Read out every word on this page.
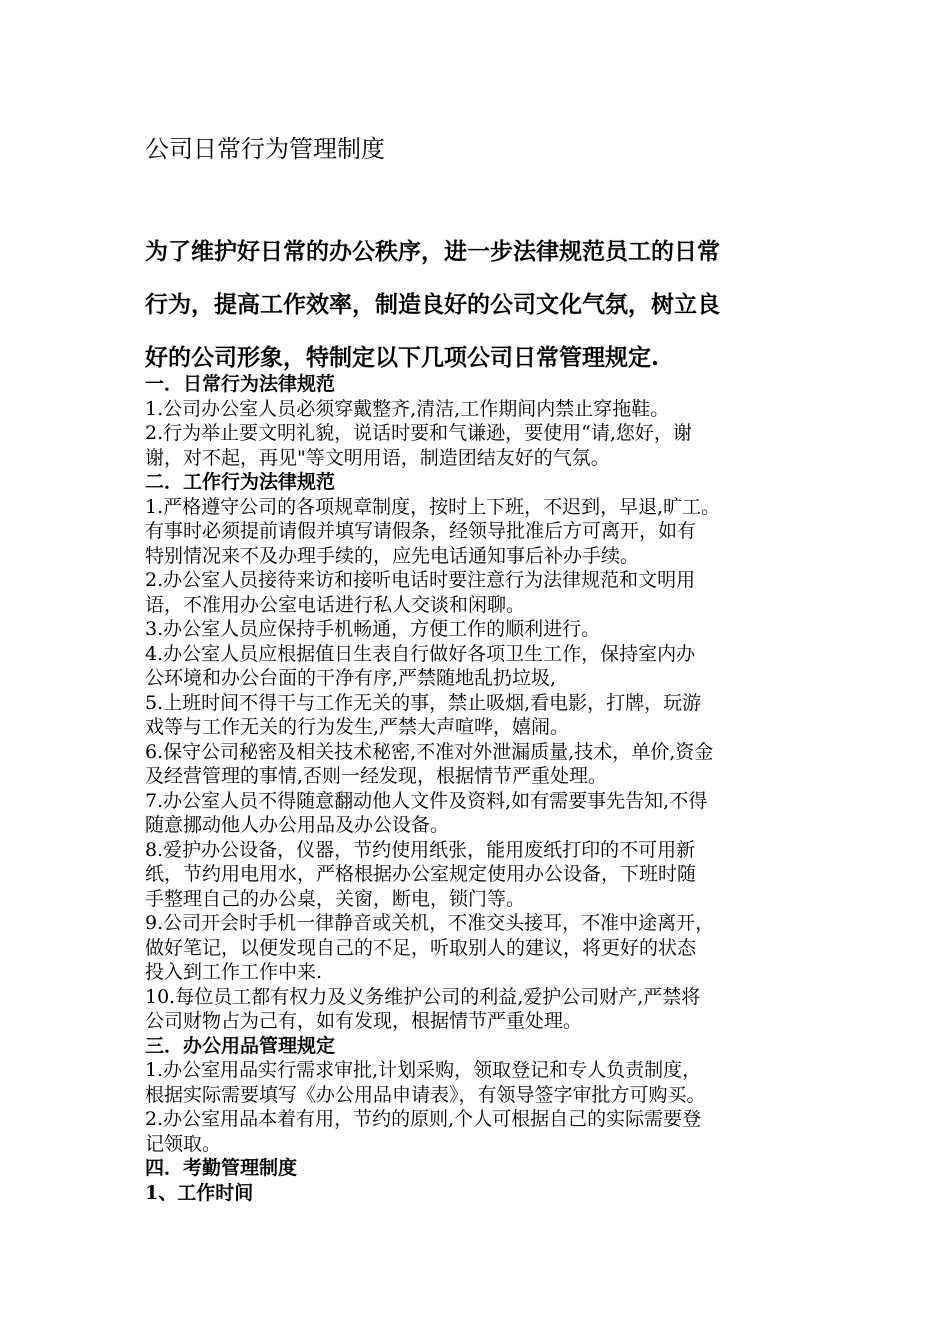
公司日常行为管理制度
为了维护好日常的办公秩序，进一步法律规范员工的日常
行为，提高工作效率，制造良好的公司文化气氛，树立良
好的公司形象，特制定以下几项公司日常管理规定.
一．日常行为法律规范
1.公司办公室人员必须穿戴整齐,清洁,工作期间内禁止穿拖鞋。
2.行为举止要文明礼貌，说话时要和气谦逊，要使用“请,您好，谢
谢，对不起，再见"等文明用语，制造团结友好的气氛。
二．工作行为法律规范
1.严格遵守公司的各项规章制度，按时上下班，不迟到，早退,旷工。
有事时必须提前请假并填写请假条，经领导批准后方可离开，如有
特别情况来不及办理手续的，应先电话通知事后补办手续。
2.办公室人员接待来访和接听电话时要注意行为法律规范和文明用
语，不准用办公室电话进行私人交谈和闲聊。
3.办公室人员应保持手机畅通，方便工作的顺利进行。
4.办公室人员应根据值日生表自行做好各项卫生工作，保持室内办
公环境和办公台面的干净有序,严禁随地乱扔垃圾,
5.上班时间不得干与工作无关的事，禁止吸烟,看电影，打牌，玩游
戏等与工作无关的行为发生,严禁大声喧哗，嬉闹。
6.保守公司秘密及相关技术秘密,不准对外泄漏质量,技术，单价,资金
及经营管理的事情,否则一经发现，根据情节严重处理。
7.办公室人员不得随意翻动他人文件及资料,如有需要事先告知,不得
随意挪动他人办公用品及办公设备。
8.爱护办公设备，仪器，节约使用纸张，能用废纸打印的不可用新
纸，节约用电用水，严格根据办公室规定使用办公设备，下班时随
手整理自己的办公桌，关窗，断电，锁门等。
9.公司开会时手机一律静音或关机，不准交头接耳，不准中途离开，
做好笔记，以便发现自己的不足，听取别人的建议，将更好的状态
投入到工作工作中来.
10.每位员工都有权力及义务维护公司的利益,爱护公司财产,严禁将
公司财物占为己有，如有发现，根据情节严重处理。
三．办公用品管理规定
1.办公室用品实行需求审批,计划采购，领取登记和专人负责制度，
根据实际需要填写《办公用品申请表》，有领导签字审批方可购买。
2.办公室用品本着有用，节约的原则,个人可根据自己的实际需要登
记领取。
四．考勤管理制度
1、工作时间
